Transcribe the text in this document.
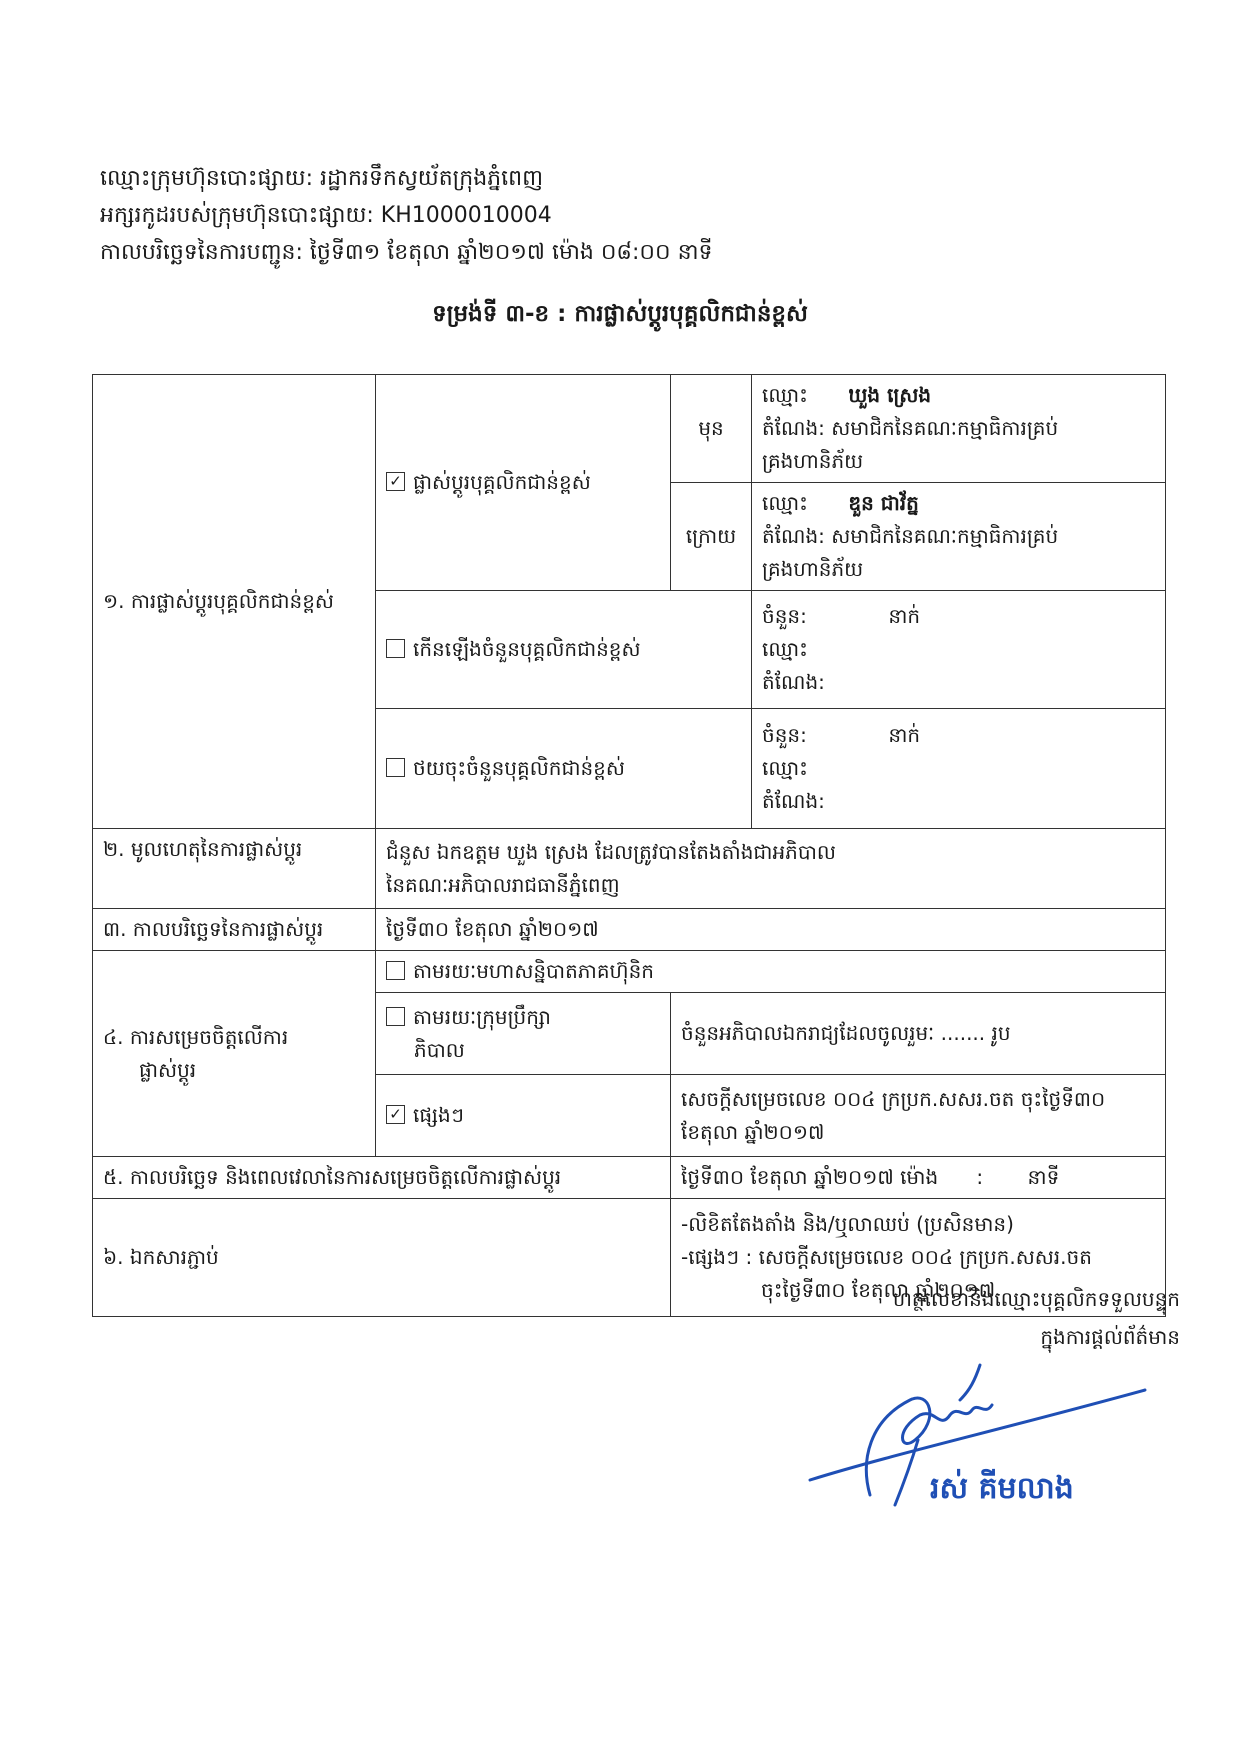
ឈ្មោះក្រុមហ៊ុនបោះផ្សាយ: រដ្ឋាករទឹកស្វយ័តក្រុងភ្នំពេញ
អក្សរកូដរបស់ក្រុមហ៊ុនបោះផ្សាយ: KH1000010004
កាលបរិច្ឆេទនៃការបញ្ជូន: ថ្ងៃទី៣១ ខែតុលា ឆ្នាំ២០១៧ ម៉ោង ០៨:០០ នាទី
ទម្រង់ទី ៣-ខ : ការផ្លាស់ប្តូរបុគ្គលិកជាន់ខ្ពស់
១. ការផ្លាស់ប្តូរបុគ្គលិកជាន់ខ្ពស់	✓ ផ្លាស់ប្តូរបុគ្គលិកជាន់ខ្ពស់	មុន	ឈ្មោះ ឃួង ស្រេង
តំណែង: សមាជិកនៃគណៈកម្មាធិការគ្រប់គ្រងហានិភ័យ

		ក្រោយ	ឈ្មោះ ឌួន ជាវ័ត្ន
តំណែង: សមាជិកនៃគណៈកម្មាធិការគ្រប់គ្រងហានិភ័យ

	កើនឡើងចំនួនបុគ្គលិកជាន់ខ្ពស់		ចំនួន: នាក់
ឈ្មោះ
តំណែង:

	ថយចុះចំនួនបុគ្គលិកជាន់ខ្ពស់		ចំនួន: នាក់
ឈ្មោះ
តំណែង:

២. មូលហេតុនៃការផ្លាស់ប្តូរ	ជំនួស ឯកឧត្តម ឃួង ស្រេង ដែលត្រូវបានតែងតាំងជាអភិបាល
នៃគណៈអភិបាលរាជធានីភ្នំពេញ		

៣. កាលបរិច្ឆេទនៃការផ្លាស់ប្តូរ	ថ្ងៃទី៣០ ខែតុលា ឆ្នាំ២០១៧		

៤. ការសម្រេចចិត្តលើការ
ផ្លាស់ប្តូរ	តាមរយៈមហាសន្និបាតភាគហ៊ុនិក		

	តាមរយៈក្រុមប្រឹក្សា
ភិបាល	ចំនួនអភិបាលឯករាជ្យដែលចូលរួមៈ ....... រូប	
	✓ ផ្សេងៗ	សេចក្តីសម្រេចលេខ ០០៤ ក្រប្រក.សសរ.ចត ចុះថ្ងៃទី៣០
ខែតុលា ឆ្នាំ២០១៧	

៥. កាលបរិច្ឆេទ និងពេលវេលានៃការសម្រេចចិត្តលើការផ្លាស់ប្តូរ		ថ្ងៃទី៣០ ខែតុលា ឆ្នាំ២០១៧ ម៉ោង      :       នាទី	
៦. ឯកសារភ្ជាប់		-លិខិតតែងតាំង និង/ឬលាឈប់ (ប្រសិនមាន)
-ផ្សេងៗ : សេចក្តីសម្រេចលេខ ០០៤ ក្រប្រក.សសរ.ចត
ចុះថ្ងៃទី៣០ ខែតុលា ឆ្នាំ២០១៧	
ហត្ថលេខានិងឈ្មោះបុគ្គលិកទទួលបន្ទុក
ក្នុងការផ្តល់ព័ត៌មាន
រស់ គីមលាង
